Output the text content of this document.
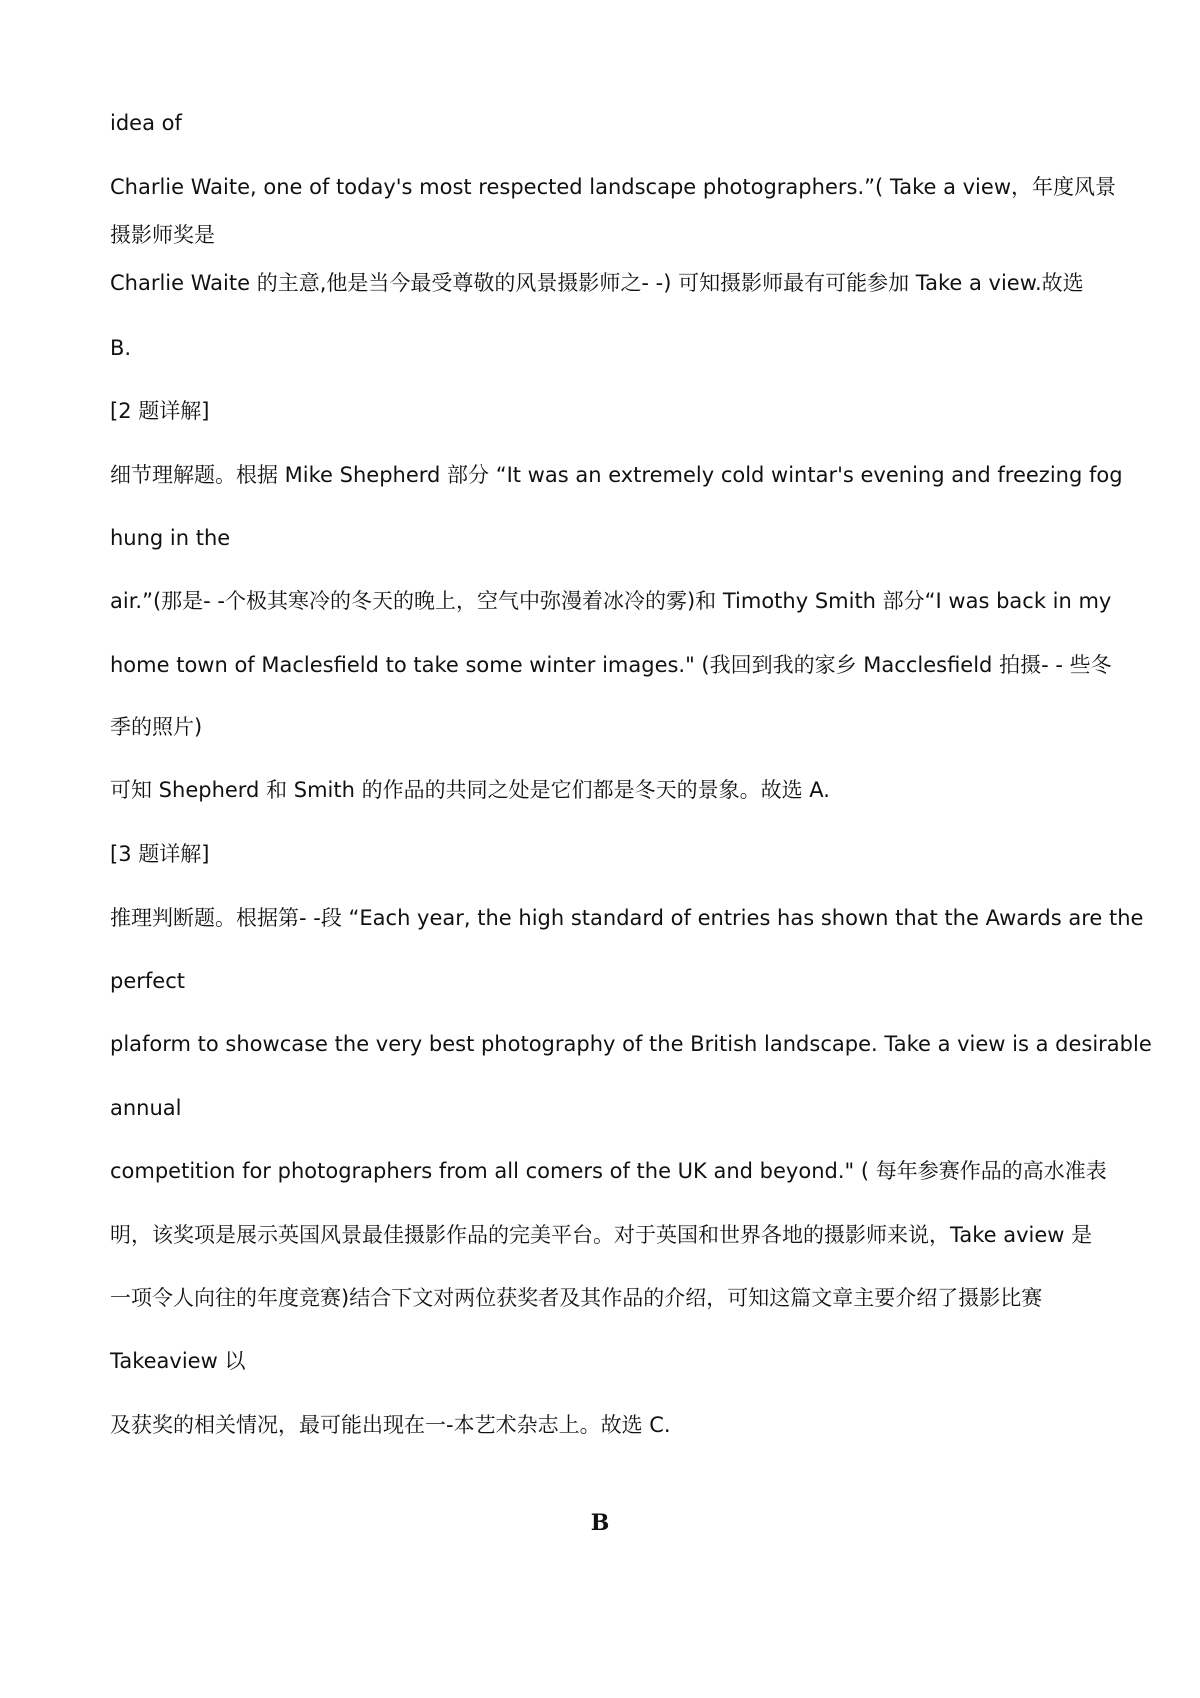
idea of
Charlie Waite, one of today's most respected landscape photographers.”( Take a view，年度风景
摄影师奖是
Charlie Waite 的主意,他是当今最受尊敬的风景摄影师之- -) 可知摄影师最有可能参加 Take a view.故选
B.
[2 题详解]
细节理解题。根据 Mike Shepherd 部分 “It was an extremely cold wintar's evening and freezing fog
hung in the
air.”(那是- -个极其寒冷的冬天的晚上，空气中弥漫着冰冷的雾)和 Timothy Smith 部分“I was back in my
home town of Maclesfield to take some winter images." (我回到我的家乡 Macclesfield 拍摄- - 些冬
季的照片)
可知 Shepherd 和 Smith 的作品的共同之处是它们都是冬天的景象。故选 A.
[3 题详解]
推理判断题。根据第- -段 “Each year, the high standard of entries has shown that the Awards are the
perfect
plaform to showcase the very best photography of the British landscape. Take a view is a desirable
annual
competition for photographers from all comers of the UK and beyond." ( 每年参赛作品的高水准表
明，该奖项是展示英国风景最佳摄影作品的完美平台。对于英国和世界各地的摄影师来说，Take aview 是
一项令人向往的年度竞赛)结合下文对两位获奖者及其作品的介绍，可知这篇文章主要介绍了摄影比赛
Takeaview 以
及获奖的相关情况，最可能出现在一-本艺术杂志上。故选 C.
B
